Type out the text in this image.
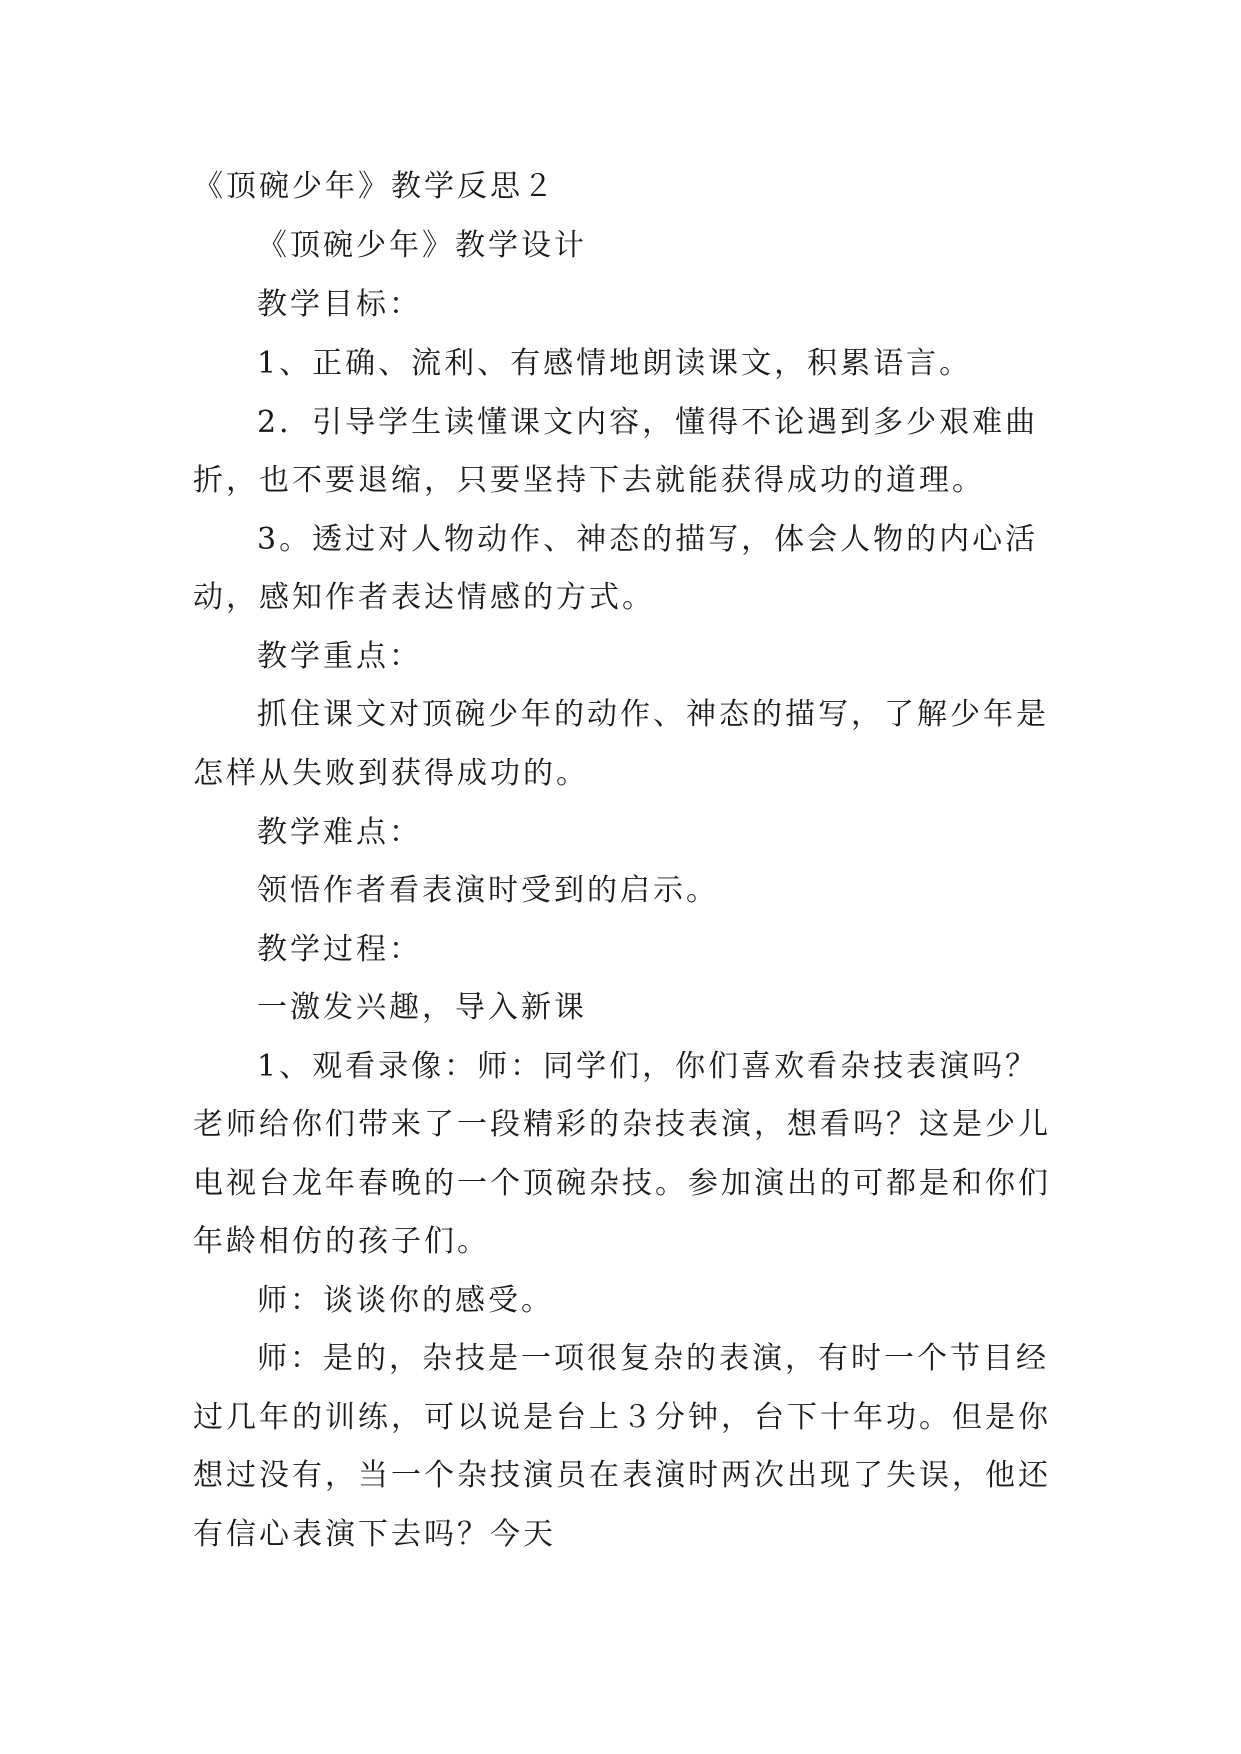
《顶碗少年》教学反思２
《顶碗少年》教学设计
教学目标：
1、正确、流利、有感情地朗读课文，积累语言。
2．引导学生读懂课文内容，懂得不论遇到多少艰难曲
折，也不要退缩，只要坚持下去就能获得成功的道理。
3。透过对人物动作、神态的描写，体会人物的内心活
动，感知作者表达情感的方式。
教学重点：
抓住课文对顶碗少年的动作、神态的描写，了解少年是
怎样从失败到获得成功的。
教学难点：
领悟作者看表演时受到的启示。
教学过程：
一激发兴趣，导入新课
1、观看录像：师：同学们，你们喜欢看杂技表演吗？
老师给你们带来了一段精彩的杂技表演，想看吗？这是少儿
电视台龙年春晚的一个顶碗杂技。参加演出的可都是和你们
年龄相仿的孩子们。
师：谈谈你的感受。
师：是的，杂技是一项很复杂的表演，有时一个节目经
过几年的训练，可以说是台上３分钟，台下十年功。但是你
想过没有，当一个杂技演员在表演时两次出现了失误，他还
有信心表演下去吗？今天
